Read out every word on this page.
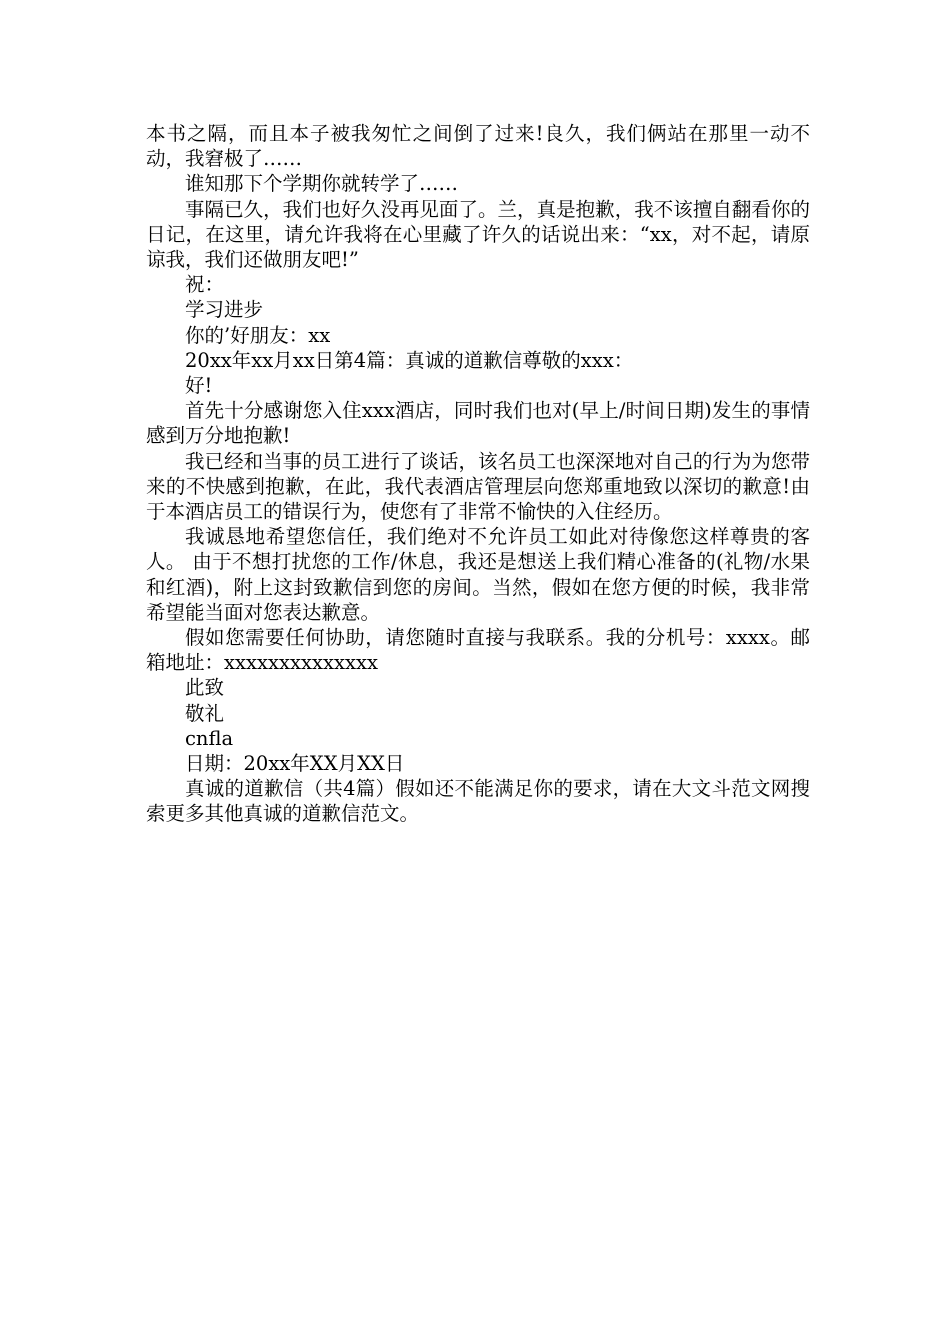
本书之隔，而且本子被我匆忙之间倒了过来!良久，我们俩站在那里一动不动，我窘极了……

谁知那下个学期你就转学了……

事隔已久，我们也好久没再见面了。兰，真是抱歉，我不该擅自翻看你的日记，在这里，请允许我将在心里藏了许久的话说出来：“xx，对不起，请原谅我，我们还做朋友吧!”

祝：

学习进步

你的’好朋友：xx

20xx年xx月xx日第4篇：真诚的道歉信尊敬的xxx：

好!

首先十分感谢您入住xxx酒店，同时我们也对(早上/时间日期)发生的事情感到万分地抱歉!

我已经和当事的员工进行了谈话，该名员工也深深地对自己的行为为您带来的不快感到抱歉，在此，我代表酒店管理层向您郑重地致以深切的歉意!由于本酒店员工的错误行为，使您有了非常不愉快的入住经历。

我诚恳地希望您信任，我们绝对不允许员工如此对待像您这样尊贵的客人。 由于不想打扰您的工作/休息，我还是想送上我们精心准备的(礼物/水果和红酒)，附上这封致歉信到您的房间。当然，假如在您方便的时候，我非常希望能当面对您表达歉意。

假如您需要任何协助，请您随时直接与我联系。我的分机号：xxxx。邮箱地址：xxxxxxxxxxxxxx

此致

敬礼

cnfla

日期：20xx年XX月XX日

真诚的道歉信（共4篇）假如还不能满足你的要求，请在大文斗范文网搜索更多其他真诚的道歉信范文。
